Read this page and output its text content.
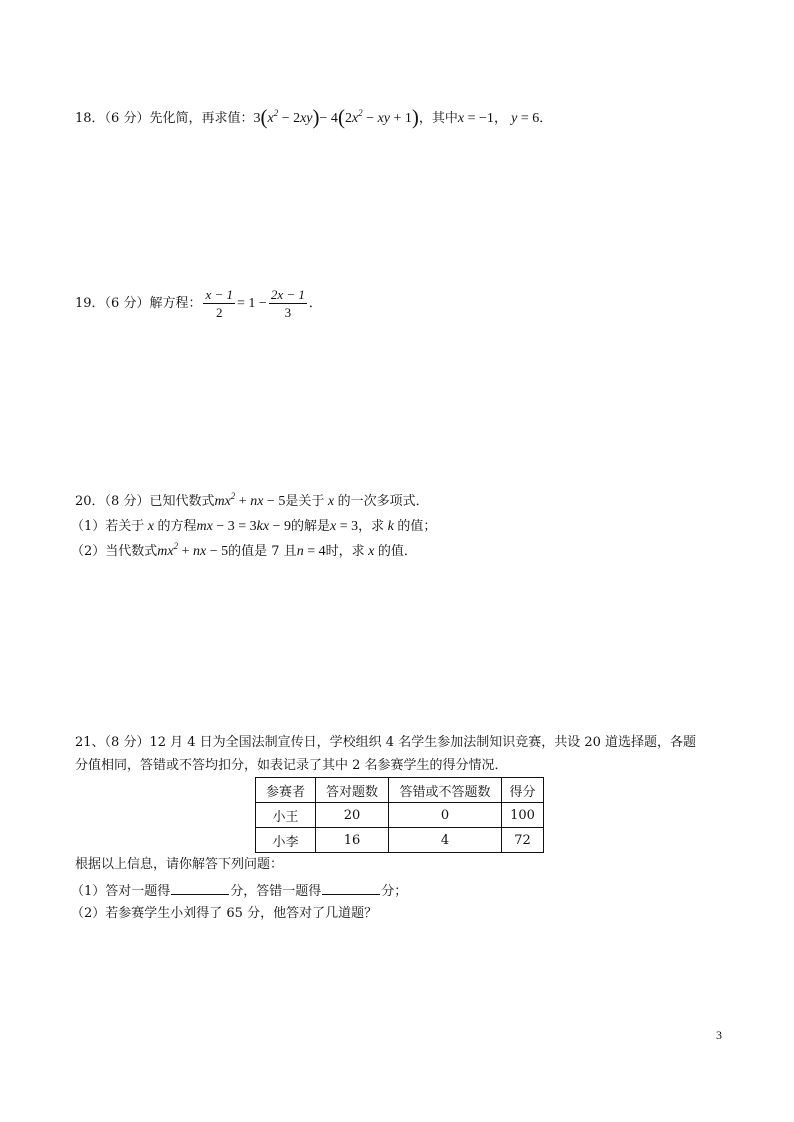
18．（6 分）先化简，再求值：$3(x^2 - 2xy)- 4(2x^2$ − xy + 1)，其中x = −1， y = 6．
19．（6 分）解方程： $\frac{x - 1}{2} = 1 - \frac{2x - 1}{3}$ ．
20．（8 分）已知代数式$mx^2$ + nx − 5是关于 x 的一次多项式．
（1）若关于 x 的方程mx − 3 = 3kx − 9的解是x = 3，求 k 的值；
（2）当代数式$mx^2$ + nx − 5的值是 7 且n = 4时，求 x 的值．
21、（8 分）12 月 4 日为全国法制宣传日，学校组织 4 名学生参加法制知识竞赛，共设 20 道选择题，各题
分值相同，答错或不答均扣分，如表记录了其中 2 名参赛学生的得分情况．
参赛者	答对题数	答错或不答题数	得分
小王	20	0	100
小李	16	4	72
根据以上信息，请你解答下列问题：
（1）答对一题得	分，答错一题得	分；
（2）若参赛学生小刘得了 65 分，他答对了几道题？
3
